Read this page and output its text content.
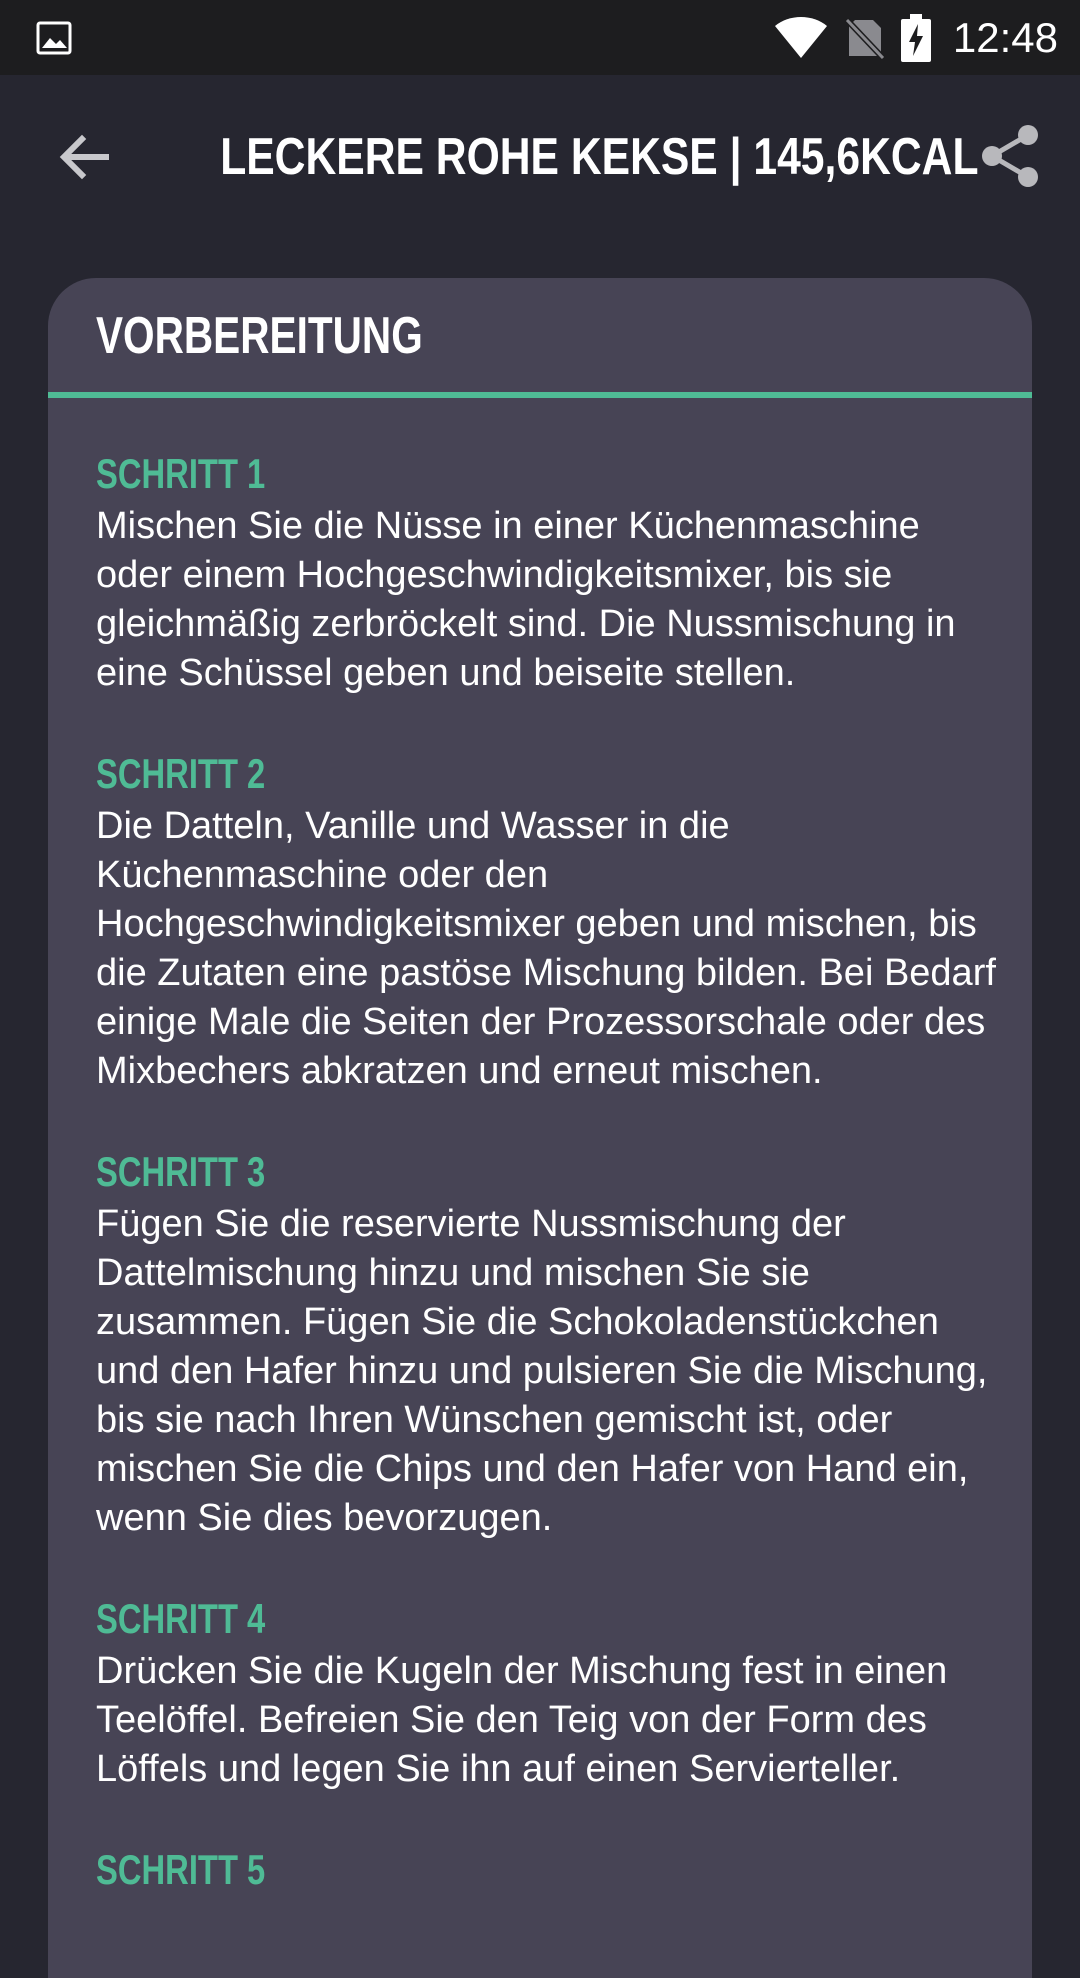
12:48
LECKERE ROHE KEKSE | 145,6KCAL
VORBEREITUNG
SCHRITT 1
Mischen Sie die Nüsse in einer Küchenmaschine oder einem Hochgeschwindigkeitsmixer, bis sie gleichmäßig zerbröckelt sind. Die Nussmischung in eine Schüssel geben und beiseite stellen.
SCHRITT 2
Die Datteln, Vanille und Wasser in die Küchenmaschine oder den Hochgeschwindigkeitsmixer geben und mischen, bis die Zutaten eine pastöse Mischung bilden. Bei Bedarf einige Male die Seiten der Prozessorschale oder des Mixbechers abkratzen und erneut mischen.
SCHRITT 3
Fügen Sie die reservierte Nussmischung der Dattelmischung hinzu und mischen Sie sie zusammen. Fügen Sie die Schokoladenstückchen und den Hafer hinzu und pulsieren Sie die Mischung, bis sie nach Ihren Wünschen gemischt ist, oder mischen Sie die Chips und den Hafer von Hand ein, wenn Sie dies bevorzugen.
SCHRITT 4
Drücken Sie die Kugeln der Mischung fest in einen Teelöffel. Befreien Sie den Teig von der Form des Löffels und legen Sie ihn auf einen Servierteller.
SCHRITT 5
